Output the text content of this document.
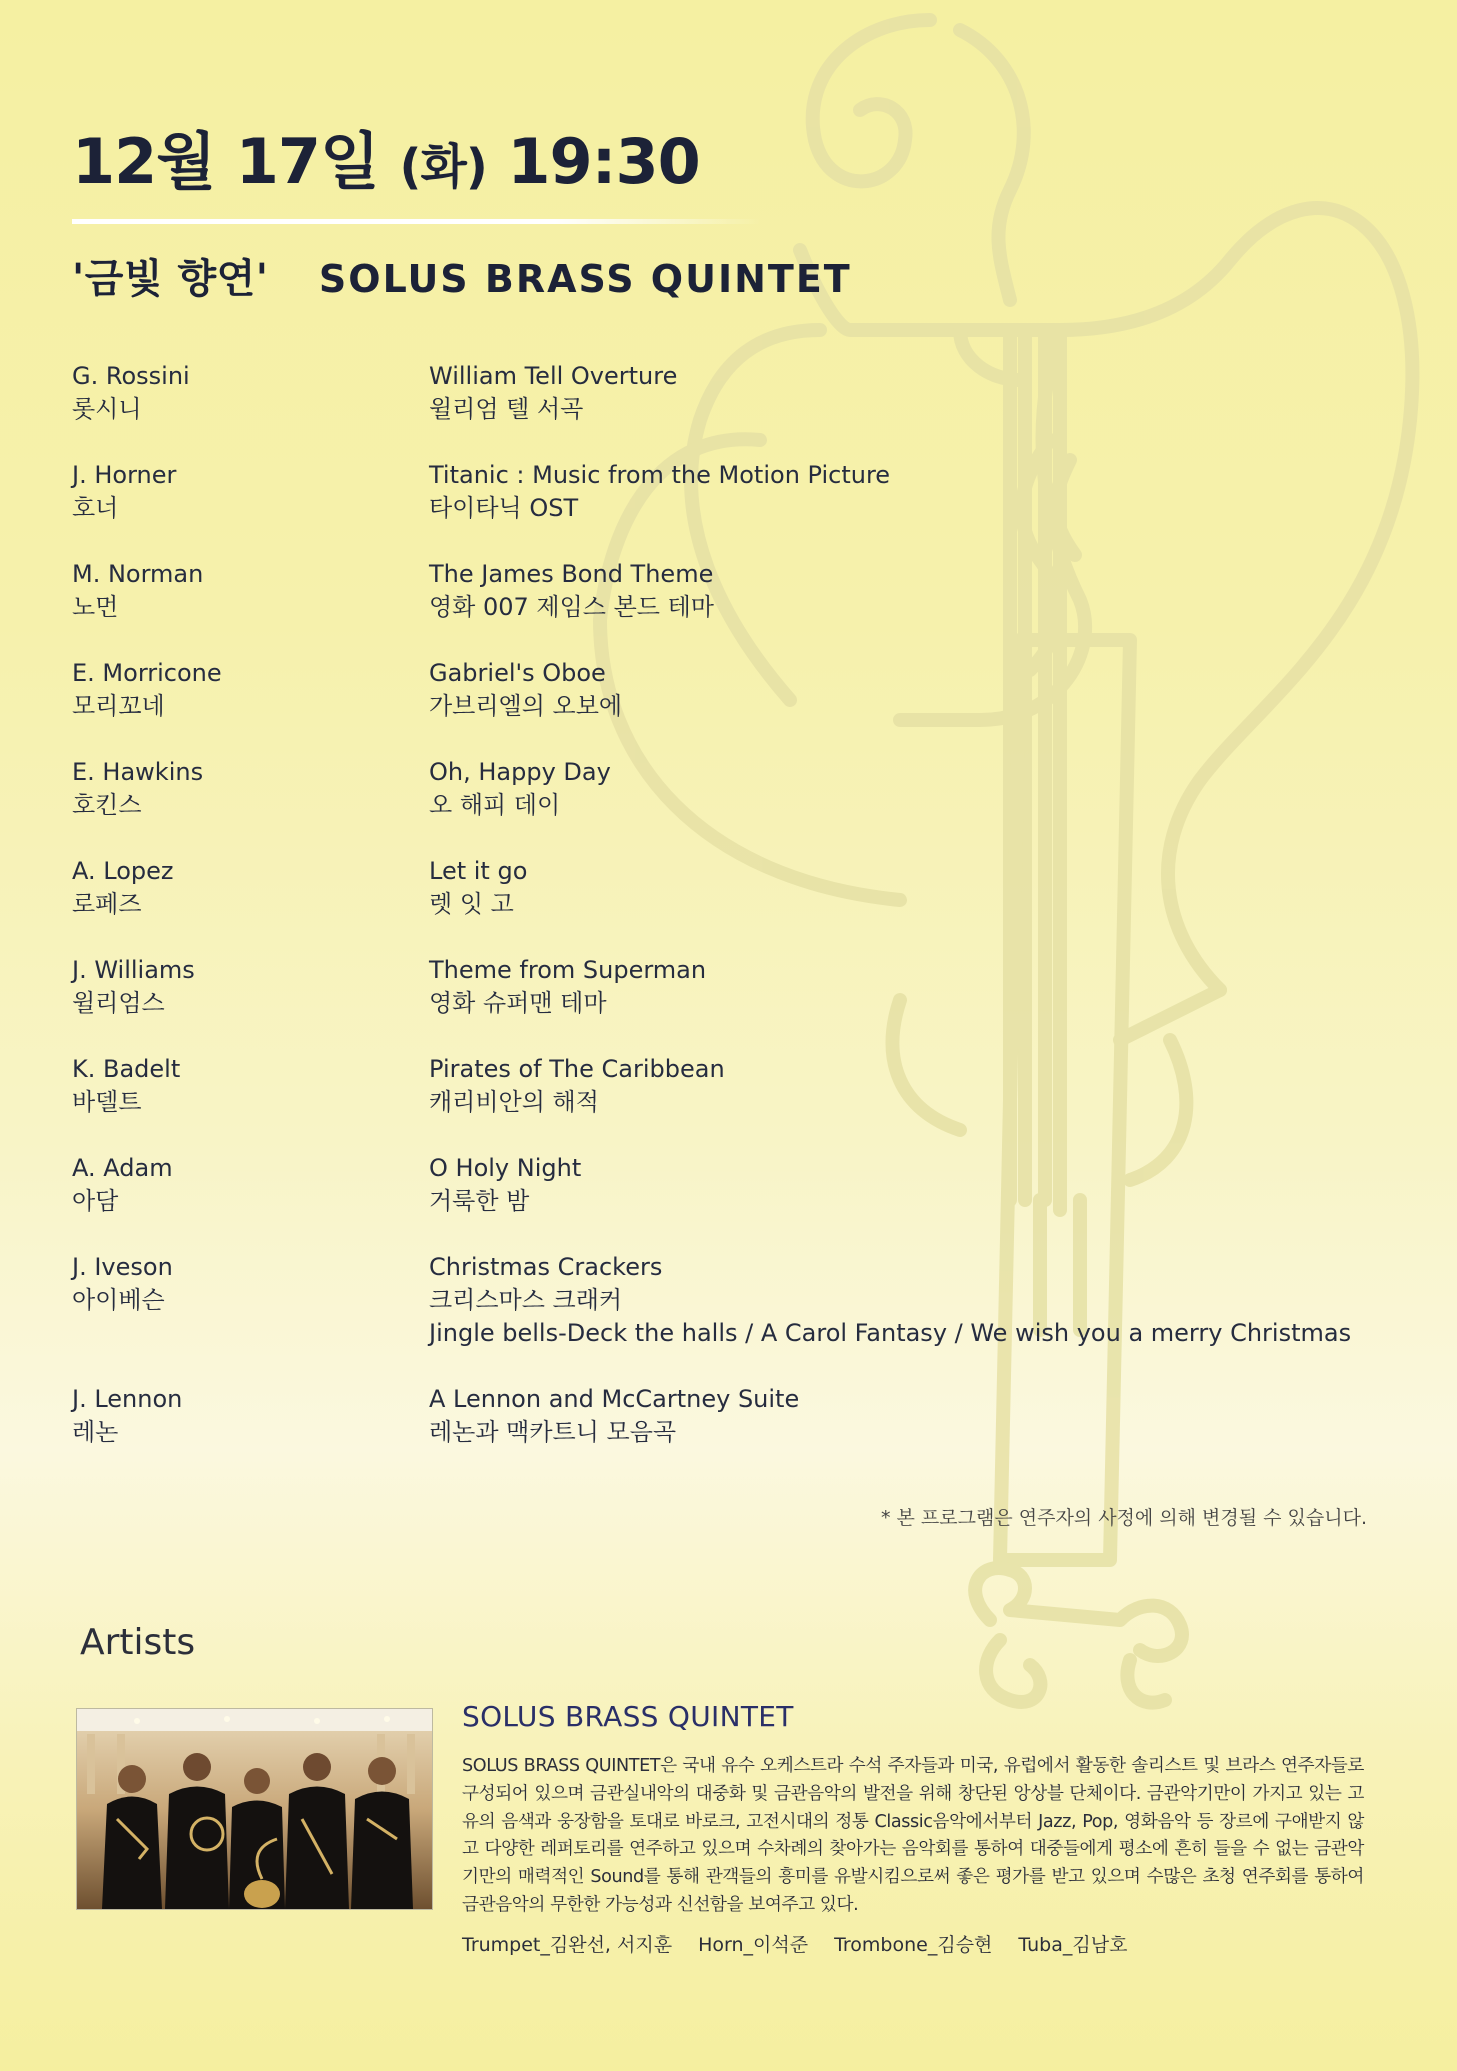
12월 17일 (화) 19:30
'금빛 향연' SOLUS BRASS QUINTET
G. Rossini
롯시니
William Tell Overture
윌리엄 텔 서곡
J. Horner
호너
Titanic : Music from the Motion Picture
타이타닉 OST
M. Norman
노먼
The James Bond Theme
영화 007 제임스 본드 테마
E. Morricone
모리꼬네
Gabriel's Oboe
가브리엘의 오보에
E. Hawkins
호킨스
Oh, Happy Day
오 해피 데이
A. Lopez
로페즈
Let it go
렛 잇 고
J. Williams
윌리엄스
Theme from Superman
영화 슈퍼맨 테마
K. Badelt
바델트
Pirates of The Caribbean
캐리비안의 해적
A. Adam
아담
O Holy Night
거룩한 밤
J. Iveson
아이베슨
Christmas Crackers
크리스마스 크래커
Jingle bells-Deck the halls / A Carol Fantasy / We wish you a merry Christmas
J. Lennon
레논
A Lennon and McCartney Suite
레논과 맥카트니 모음곡
* 본 프로그램은 연주자의 사정에 의해 변경될 수 있습니다.
Artists
SOLUS BRASS QUINTET

SOLUS BRASS QUINTET은 국내 유수 오케스트라 수석 주자들과 미국, 유럽에서 활동한 솔리스트 및 브라스 연주자들로 구성되어 있으며 금관실내악의 대중화 및 금관음악의 발전을 위해 창단된 앙상블 단체이다. 금관악기만이 가지고 있는 고유의 음색과 웅장함을 토대로 바로크, 고전시대의 정통 Classic음악에서부터 Jazz, Pop, 영화음악 등 장르에 구애받지 않고 다양한 레퍼토리를 연주하고 있으며 수차례의 찾아가는 음악회를 통하여 대중들에게 평소에 흔히 들을 수 없는 금관악기만의 매력적인 Sound를 통해 관객들의 흥미를 유발시킴으로써 좋은 평가를 받고 있으며 수많은 초청 연주회를 통하여 금관음악의 무한한 가능성과 신선함을 보여주고 있다.

Trumpet_김완선, 서지훈 Horn_이석준 Trombone_김승현 Tuba_김남호
